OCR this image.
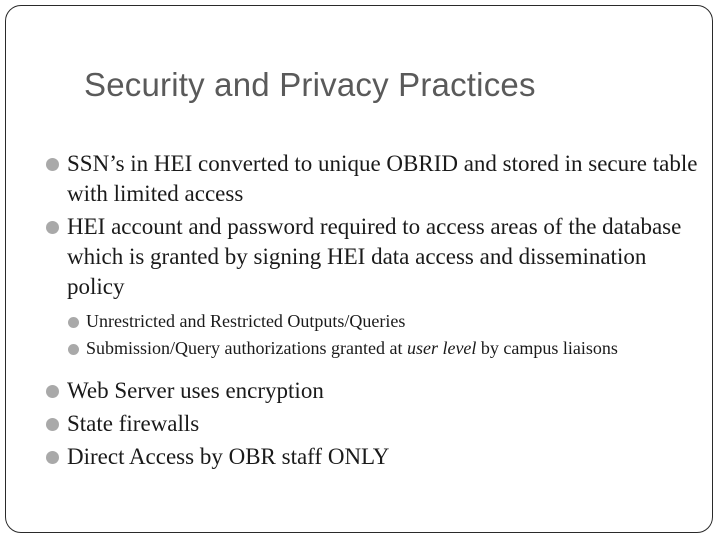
Security and Privacy Practices
SSN’s in HEI converted to unique OBRID and stored in secure table with limited access
HEI account and password required to access areas of the database which is granted by signing HEI data access and dissemination policy
Unrestricted and Restricted Outputs/Queries
Submission/Query authorizations granted at user level by campus liaisons
Web Server uses encryption
State firewalls
Direct Access by OBR staff ONLY
